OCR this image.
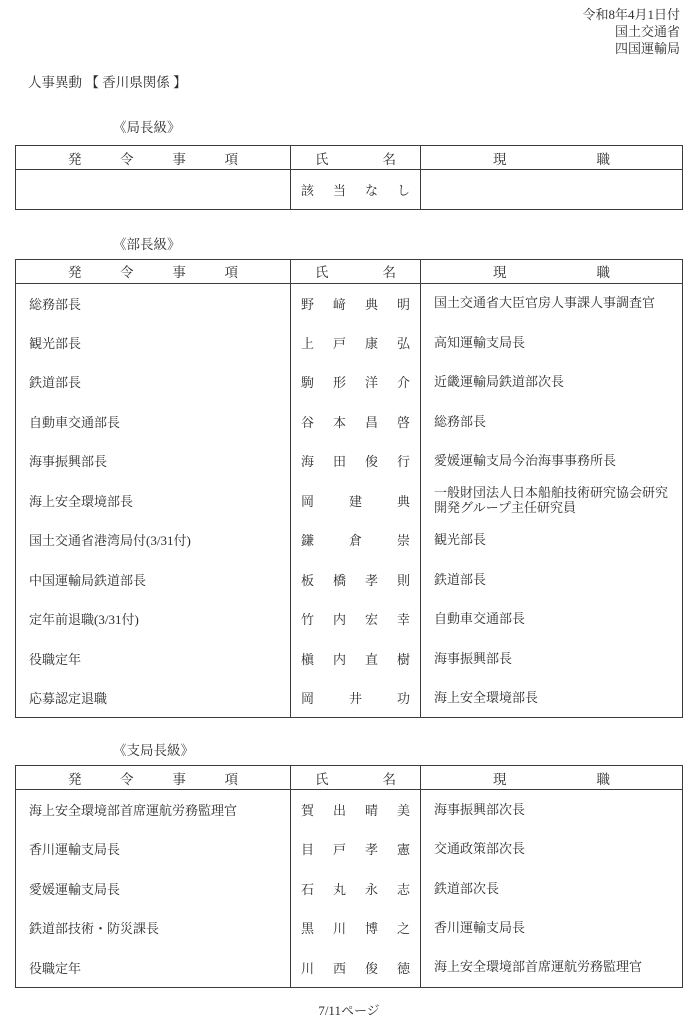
令和8年4月1日付
国土交通省
四国運輸局
人事異動 【 香川県関係 】
《局長級》
発 令 事 項	氏 名	現 職

	該 当 な し	

《部長級》
発 令 事 項	氏 名	現 職

総務部長	野 﨑 典 明	国土交通省大臣官房人事課人事調査官
観光部長	上 戸 康 弘	高知運輸支局長
鉄道部長	駒 形 洋 介	近畿運輸局鉄道部次長
自動車交通部長	谷 本 昌 啓	総務部長
海事振興部長	海 田 俊 行	愛媛運輸支局今治海事事務所長
海上安全環境部長	岡 建 典	一般財団法人日本船舶技術研究協会研究開発グループ主任研究員
国土交通省港湾局付(3/31付)	鎌 倉 崇	観光部長
中国運輸局鉄道部長	板 橋 孝 則	鉄道部長
定年前退職(3/31付)	竹 内 宏 幸	自動車交通部長
役職定年	槇 内 直 樹	海事振興部長
応募認定退職	岡 井 功	海上安全環境部長
《支局長級》
発 令 事 項	氏 名	現 職

海上安全環境部首席運航労務監理官	賀 出 晴 美	海事振興部次長
香川運輸支局長	目 戸 孝 憲	交通政策部次長
愛媛運輸支局長	石 丸 永 志	鉄道部次長
鉄道部技術・防災課長	黒 川 博 之	香川運輸支局長
役職定年	川 西 俊 徳	海上安全環境部首席運航労務監理官
7/11ページ
